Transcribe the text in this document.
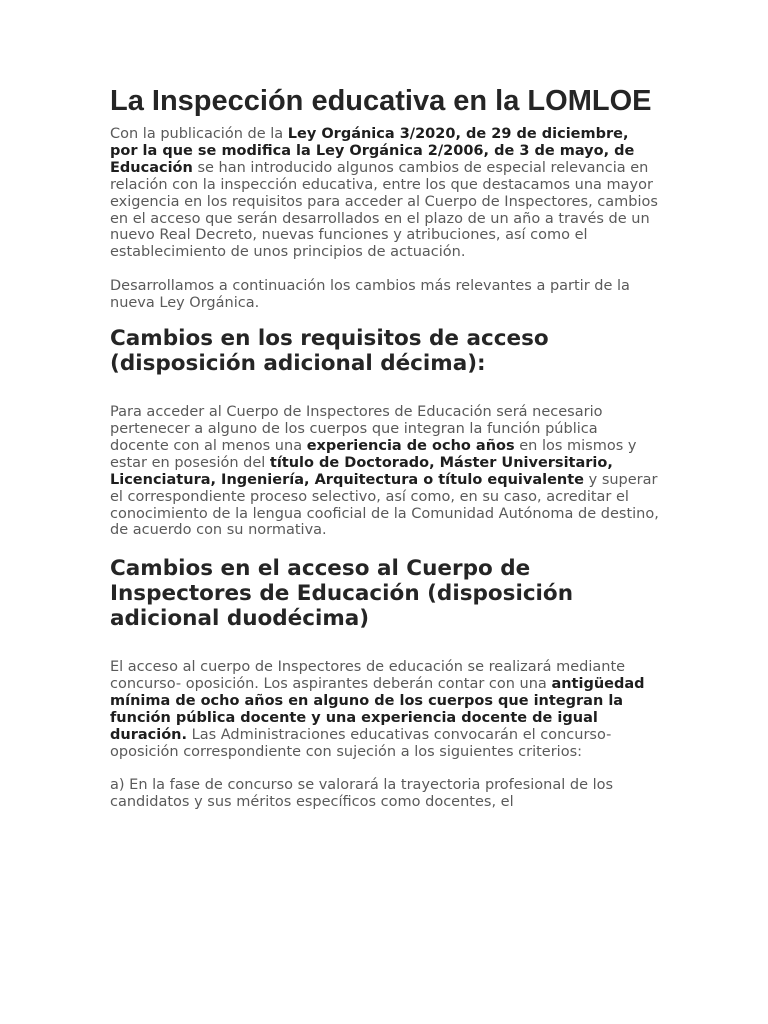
La Inspección educativa en la LOMLOE

Con la publicación de la Ley Orgánica 3/2020, de 29 de diciembre, por la que se modifica la Ley Orgánica 2/2006, de 3 de mayo, de Educación se han introducido algunos cambios de especial relevancia en relación con la inspección educativa, entre los que destacamos una mayor exigencia en los requisitos para acceder al Cuerpo de Inspectores, cambios en el acceso que serán desarrollados en el plazo de un año a través de un nuevo Real Decreto, nuevas funciones y atribuciones, así como el establecimiento de unos principios de actuación.

Desarrollamos a continuación los cambios más relevantes a partir de la nueva Ley Orgánica.

Cambios en los requisitos de acceso (disposición adicional décima):

Para acceder al Cuerpo de Inspectores de Educación será necesario pertenecer a alguno de los cuerpos que integran la función pública docente con al menos una experiencia de ocho años en los mismos y estar en posesión del título de Doctorado, Máster Universitario, Licenciatura, Ingeniería, Arquitectura o título equivalente y superar el correspondiente proceso selectivo, así como, en su caso, acreditar el conocimiento de la lengua cooficial de la Comunidad Autónoma de destino, de acuerdo con su normativa.

Cambios en el acceso al Cuerpo de Inspectores de Educación (disposición adicional duodécima)

El acceso al cuerpo de Inspectores de educación se realizará mediante concurso- oposición. Los aspirantes deberán contar con una antigüedad mínima de ocho años en alguno de los cuerpos que integran la función pública docente y una experiencia docente de igual duración. Las Administraciones educativas convocarán el concurso-oposición correspondiente con sujeción a los siguientes criterios:

a) En la fase de concurso se valorará la trayectoria profesional de los candidatos y sus méritos específicos como docentes, el
